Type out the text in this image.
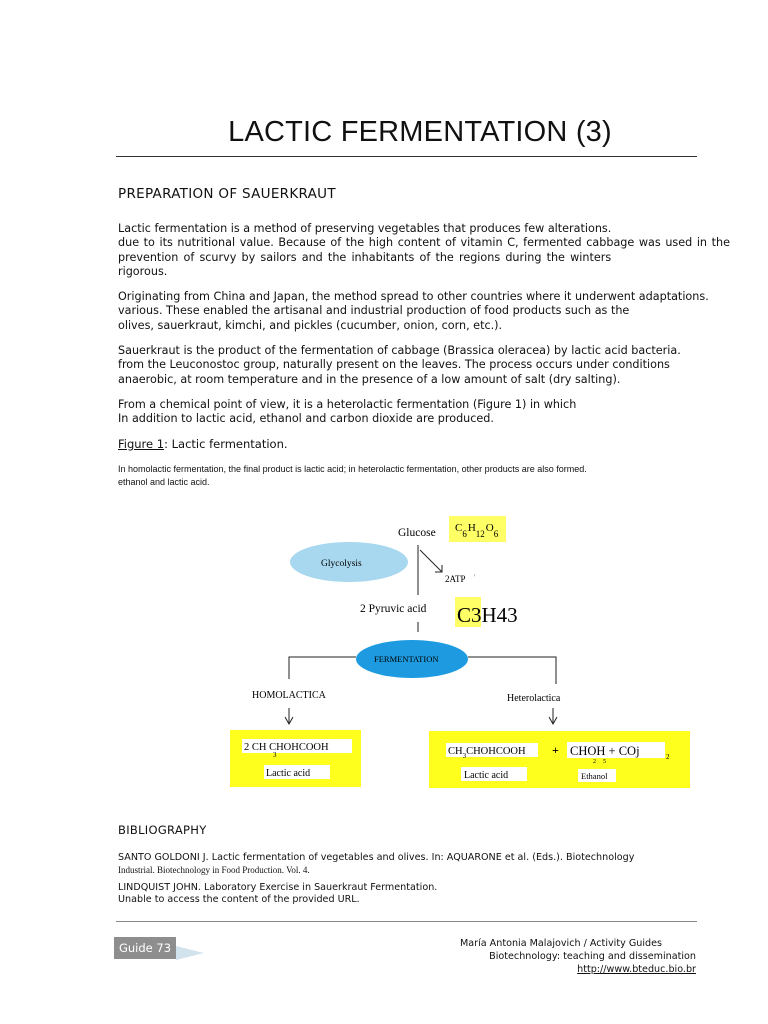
LACTIC FERMENTATION (3)
PREPARATION OF SAUERKRAUT

Lactic fermentation is a method of preserving vegetables that produces few alterations.
due to its nutritional value. Because of the high content of vitamin C, fermented cabbage was used in the
prevention of scurvy by sailors and the inhabitants of the regions during the winters
rigorous.

Originating from China and Japan, the method spread to other countries where it underwent adaptations.
various. These enabled the artisanal and industrial production of food products such as the
olives, sauerkraut, kimchi, and pickles (cucumber, onion, corn, etc.).

Sauerkraut is the product of the fermentation of cabbage (Brassica oleracea) by lactic acid bacteria.
from the Leuconostoc group, naturally present on the leaves. The process occurs under conditions
anaerobic, at room temperature and in the presence of a low amount of salt (dry salting).

From a chemical point of view, it is a heterolactic fermentation (Figure 1) in which
In addition to lactic acid, ethanol and carbon dioxide are produced.

Figure 1: Lactic fermentation.
In homolactic fermentation, the final product is lactic acid; in heterolactic fermentation, other products are also formed.
ethanol and lactic acid.
Glucose $C_6H_{12}O_6$
Glycolysis
2ATP '
2 Pyruvic acid C3H43
FERMENTATION
HOMOLACTICA	Heterolactica
2 CH CHOHCOOH
3
Lactic acid
$CH_3CHOHCOOH$ + CHOH + COj
2 5
2
Lactic acid	Ethanol
BIBLIOGRAPHY
SANTO GOLDONI J. Lactic fermentation of vegetables and olives. In: AQUARONE et al. (Eds.). Biotechnology
Industrial. Biotechnology in Food Production. Vol. 4.
LINDQUIST JOHN. Laboratory Exercise in Sauerkraut Fermentation.
Unable to access the content of the provided URL.
Guide 73	María Antonia Malajovich / Activity Guides
Biotechnology: teaching and dissemination
http://www.bteduc.bio.br
